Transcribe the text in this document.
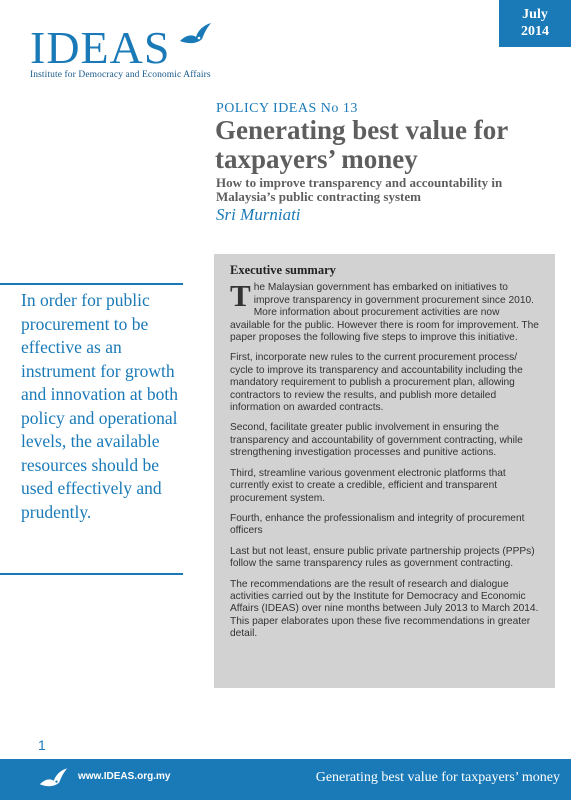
July
2014
IDEAS
Institute for Democracy and Economic Affairs
POLICY IDEAS No 13
Generating best value for taxpayers’ money
How to improve transparency and accountability in Malaysia’s public contracting system
Sri Murniati
In order for public procurement to be effective as an instrument for growth and innovation at both policy and operational levels, the available resources should be used effectively and prudently.
Executive summary

T he Malaysian government has embarked on initiatives to improve transparency in government procurement since 2010. More information about procurement activities are now available for the public. However there is room for improvement. The paper proposes the following five steps to improve this initiative.

First, incorporate new rules to the current procurement process/ cycle to improve its transparency and accountability including the mandatory requirement to publish a procurement plan, allowing contractors to review the results, and publish more detailed information on awarded contracts.

Second, facilitate greater public involvement in ensuring the transparency and accountability of government contracting, while strengthening investigation processes and punitive actions.

Third, streamline various govenment electronic platforms that currently exist to create a credible, efficient and transparent procurement system.

Fourth, enhance the professionalism and integrity of procurement officers

Last but not least, ensure public private partnership projects (PPPs) follow the same transparency rules as government contracting.

The recommendations are the result of research and dialogue activities carried out by the Institute for Democracy and Economic Affairs (IDEAS) over nine months between July 2013 to March 2014. This paper elaborates upon these five recommendations in greater detail.

1
www.IDEAS.org.my	Generating best value for taxpayers’ money
